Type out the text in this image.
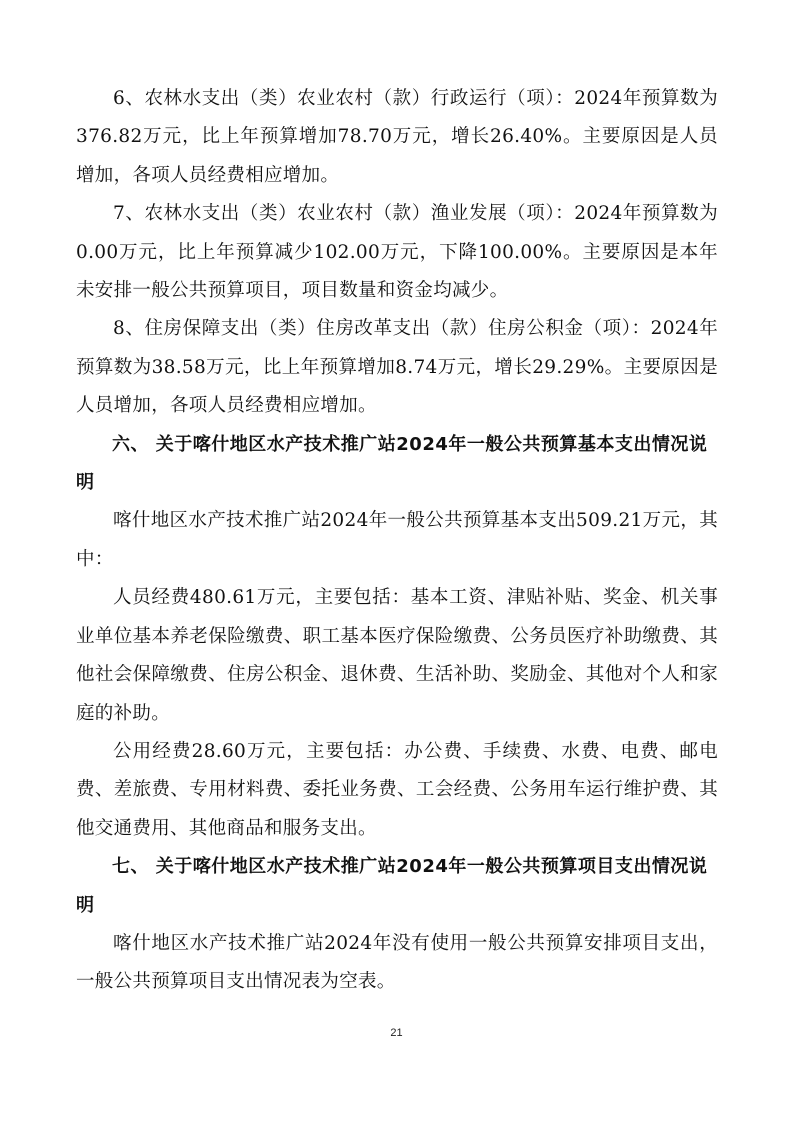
6、农林水支出（类）农业农村（款）行政运行（项）：2024年预算数为376.82万元，比上年预算增加78.70万元，增长26.40%。主要原因是人员增加，各项人员经费相应增加。

7、农林水支出（类）农业农村（款）渔业发展（项）：2024年预算数为0.00万元，比上年预算减少102.00万元，下降100.00%。主要原因是本年未安排一般公共预算项目，项目数量和资金均减少。

8、住房保障支出（类）住房改革支出（款）住房公积金（项）：2024年预算数为38.58万元，比上年预算增加8.74万元，增长29.29%。主要原因是人员增加，各项人员经费相应增加。

六、 关于喀什地区水产技术推广站2024年一般公共预算基本支出情况说明

喀什地区水产技术推广站2024年一般公共预算基本支出509.21万元，其中：

人员经费480.61万元，主要包括：基本工资、津贴补贴、奖金、机关事业单位基本养老保险缴费、职工基本医疗保险缴费、公务员医疗补助缴费、其他社会保障缴费、住房公积金、退休费、生活补助、奖励金、其他对个人和家庭的补助。

公用经费28.60万元，主要包括：办公费、手续费、水费、电费、邮电费、差旅费、专用材料费、委托业务费、工会经费、公务用车运行维护费、其他交通费用、其他商品和服务支出。

七、 关于喀什地区水产技术推广站2024年一般公共预算项目支出情况说明

喀什地区水产技术推广站2024年没有使用一般公共预算安排项目支出，一般公共预算项目支出情况表为空表。

21
